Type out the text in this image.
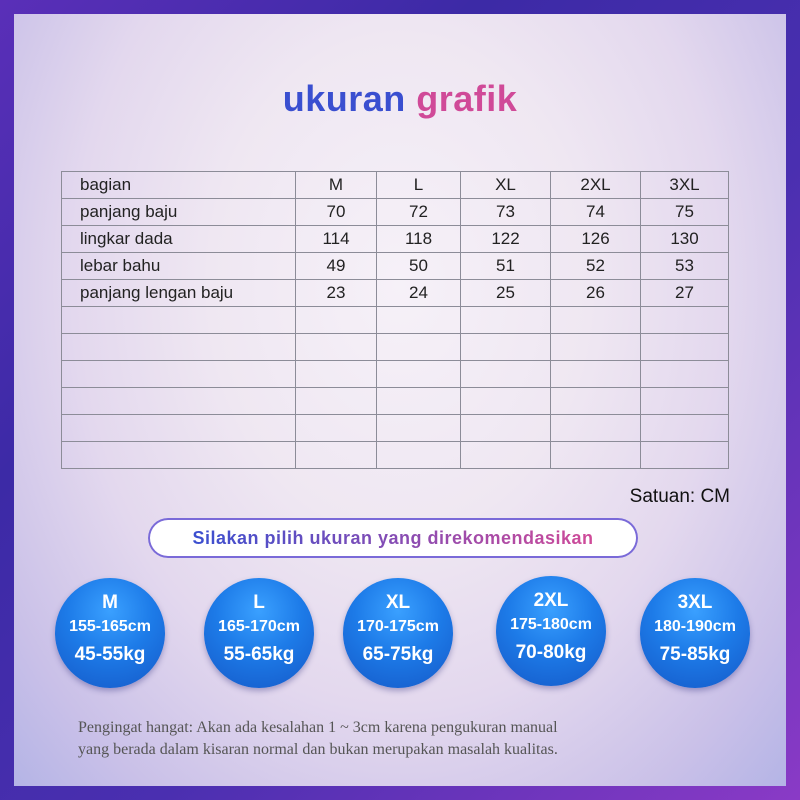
ukuran grafik
bagian	M	L	XL	2XL	3XL
panjang baju	70	72	73	74	75
lingkar dada	114	118	122	126	130
lebar bahu	49	50	51	52	53
panjang lengan baju	23	24	25	26	27

Satuan: CM
Silakan pilih ukuran yang direkomendasikan
M
155-165cm
45-55kg
L
165-170cm
55-65kg
XL
170-175cm
65-75kg
2XL
175-180cm
70-80kg
3XL
180-190cm
75-85kg
Pengingat hangat: Akan ada kesalahan 1 ~ 3cm karena pengukuran manual
yang berada dalam kisaran normal dan bukan merupakan masalah kualitas.
